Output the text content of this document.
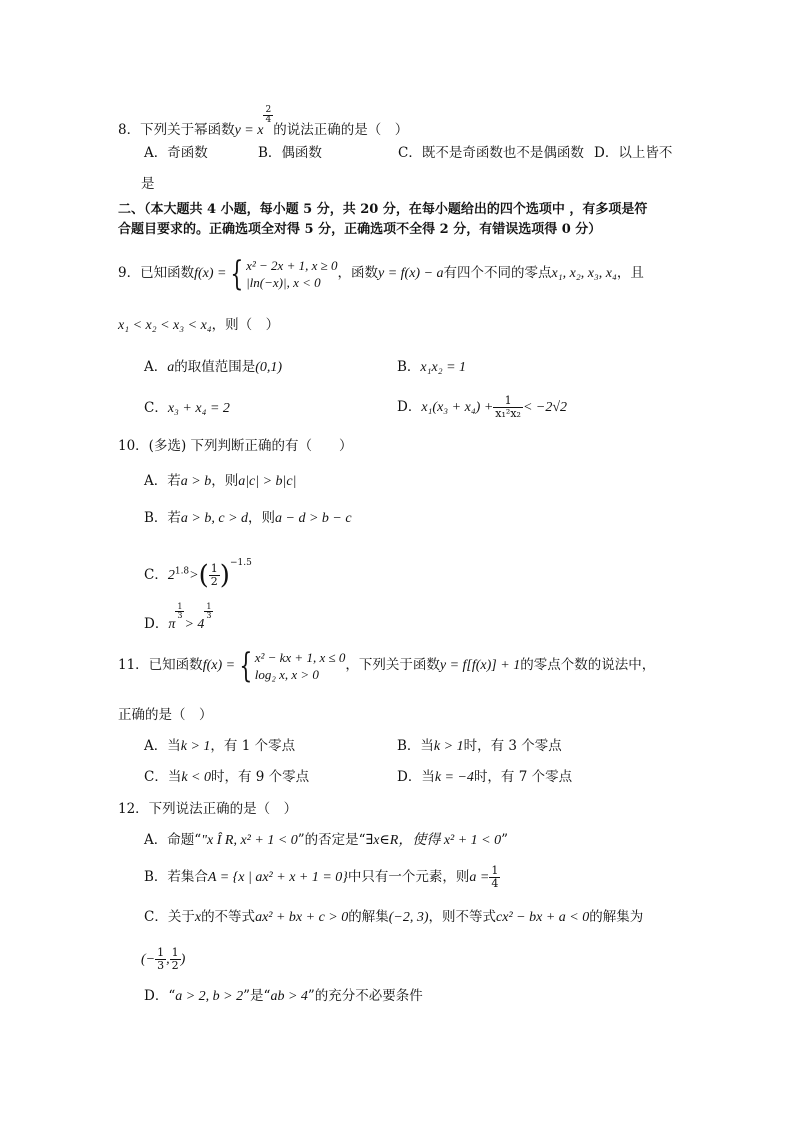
8．下列关于幂函数y = x
$\frac{2}{4}$
的说法正确的是（　）
A．奇函数	B．偶函数	C．既不是奇函数也不是偶函数 D．以上皆不
是
二、（本大题共 4 小题，每小题 5 分，共 20 分，在每小题给出的四个选项中 ，有多项是符
合题目要求的。正确选项全对得 5 分，正确选项不全得 2 分，有错误选项得 0 分）
9．已知函数f(x) = { x² − 2x + 1, x ≥ 0
|ln(−x)|, x < 0
，函数y = f(x) − a有四个不同的零点x₁, x₂, x₃, x₄，且
x₁ < x₂ < x₃ < x₄，则（　）
A．a的取值范围是(0,1)	B．x₁x₂ = 1
C．x₃ + x₄ = 2	D．$x_1(x_3 + x_4) + \frac{1}{\text{x₁²x₂}} < -2√2$
10．(多选) 下列判断正确的有（　　）
A．若a > b，则a|c| > b|c|
B．若a > b, c > d，则a − d > b − c
C．$2^{1.8}>( \frac{1}{2} )^{-1.5}$
D．π
$\frac{1}{3}$
> 4
$\frac{1}{3}$
11．已知函数f(x) = { x² − kx + 1, x ≤ 0
log₂ x, x > 0
，下列关于函数y = f[f(x)] + 1的零点个数的说法中，
正确的是（　）
A．当k > 1，有 1 个零点	B．当k > 1时，有 3 个零点
C．当k < 0时，有 9 个零点	D．当k = −4时，有 7 个零点
12．下列说法正确的是（　）
A．命题“"x Î R, x² + 1 < 0”的否定是“∃x∈R，使得 x² + 1 < 0”
B．若集合A = {x | ax² + x + 1 = 0}中只有一个元素，则$a = \frac{1}{4}$
C．关于x的不等式ax² + bx + c > 0的解集(−2, 3)，则不等式cx² − bx + a < 0的解集为
(− $\frac{1}{3}$ , $\frac{1}{2}$ )
D．“a > 2, b > 2”是“ab > 4”的充分不必要条件
